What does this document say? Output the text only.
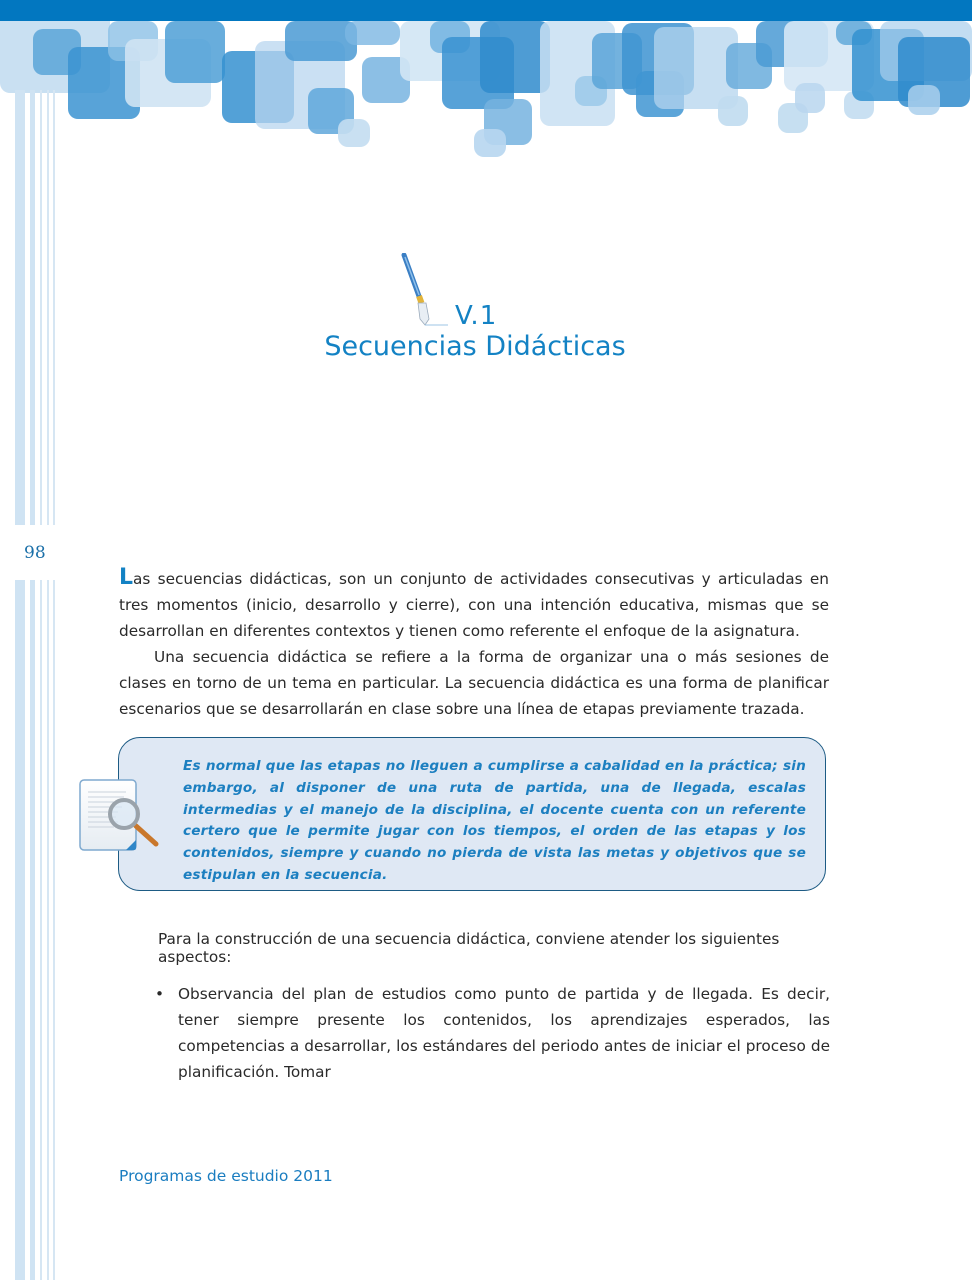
98
V.1
Secuencias Didácticas

Las secuencias didácticas, son un conjunto de actividades consecutivas y articuladas en tres momentos (inicio, desarrollo y cierre), con una intención educativa, mismas que se desarrollan en diferentes contextos y tienen como referente el enfoque de la asignatura.

Una secuencia didáctica se refiere a la forma de organizar una o más sesiones de clases en torno de un tema en particular. La secuencia didáctica es una forma de planificar escenarios que se desarrollarán en clase sobre una línea de etapas previamente trazada.

Es normal que las etapas no lleguen a cumplirse a cabalidad en la práctica; sin embargo, al disponer de una ruta de partida, una de llegada, escalas intermedias y el manejo de la disciplina, el docente cuenta con un referente certero que le permite jugar con los tiempos, el orden de las etapas y los contenidos, siempre y cuando no pierda de vista las metas y objetivos que se estipulan en la secuencia.
Para la construcción de una secuencia didáctica, conviene atender los siguientes aspectos:
• Observancia del plan de estudios como punto de partida y de llegada. Es decir, tener siempre presente los contenidos, los aprendizajes esperados, las competencias a desarrollar, los estándares del periodo antes de iniciar el proceso de planificación. Tomar
Programas de estudio 2011
